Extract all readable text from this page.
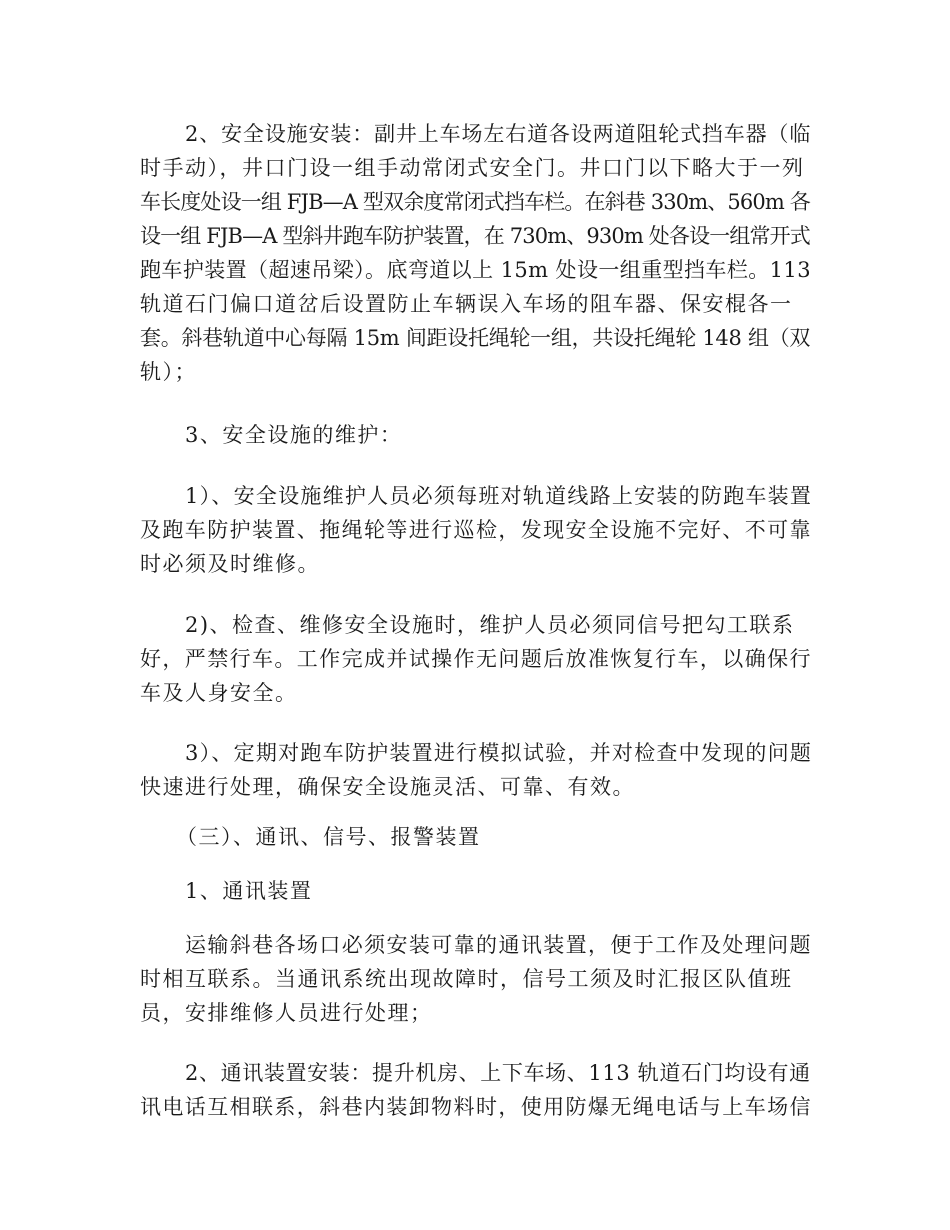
2、安全设施安装：副井上车场左右道各设两道阻轮式挡车器（临
时手动），井口门设一组手动常闭式安全门。井口门以下略大于一列
车长度处设一组 FJB—A 型双余度常闭式挡车栏。在斜巷 330m、560m 各
设一组 FJB—A 型斜井跑车防护装置，在 730m、930m 处各设一组常开式
跑车护装置（超速吊梁）。底弯道以上 15m 处设一组重型挡车栏。113
轨道石门偏口道岔后设置防止车辆误入车场的阻车器、保安棍各一
套。斜巷轨道中心每隔 15m 间距设托绳轮一组，共设托绳轮 148 组（双
轨）；
3、安全设施的维护：
1）、安全设施维护人员必须每班对轨道线路上安装的防跑车装置
及跑车防护装置、拖绳轮等进行巡检，发现安全设施不完好、不可靠
时必须及时维修。
2)、检查、维修安全设施时，维护人员必须同信号把勾工联系
好，严禁行车。工作完成并试操作无问题后放准恢复行车，以确保行
车及人身安全。
3）、定期对跑车防护装置进行模拟试验，并对检查中发现的问题
快速进行处理，确保安全设施灵活、可靠、有效。
（三）、通讯、信号、报警装置
1、通讯装置
运输斜巷各场口必须安装可靠的通讯装置，便于工作及处理问题
时相互联系。当通讯系统出现故障时，信号工须及时汇报区队值班
员，安排维修人员进行处理；
2、通讯装置安装：提升机房、上下车场、113 轨道石门均设有通
讯电话互相联系，斜巷内装卸物料时，使用防爆无绳电话与上车场信
